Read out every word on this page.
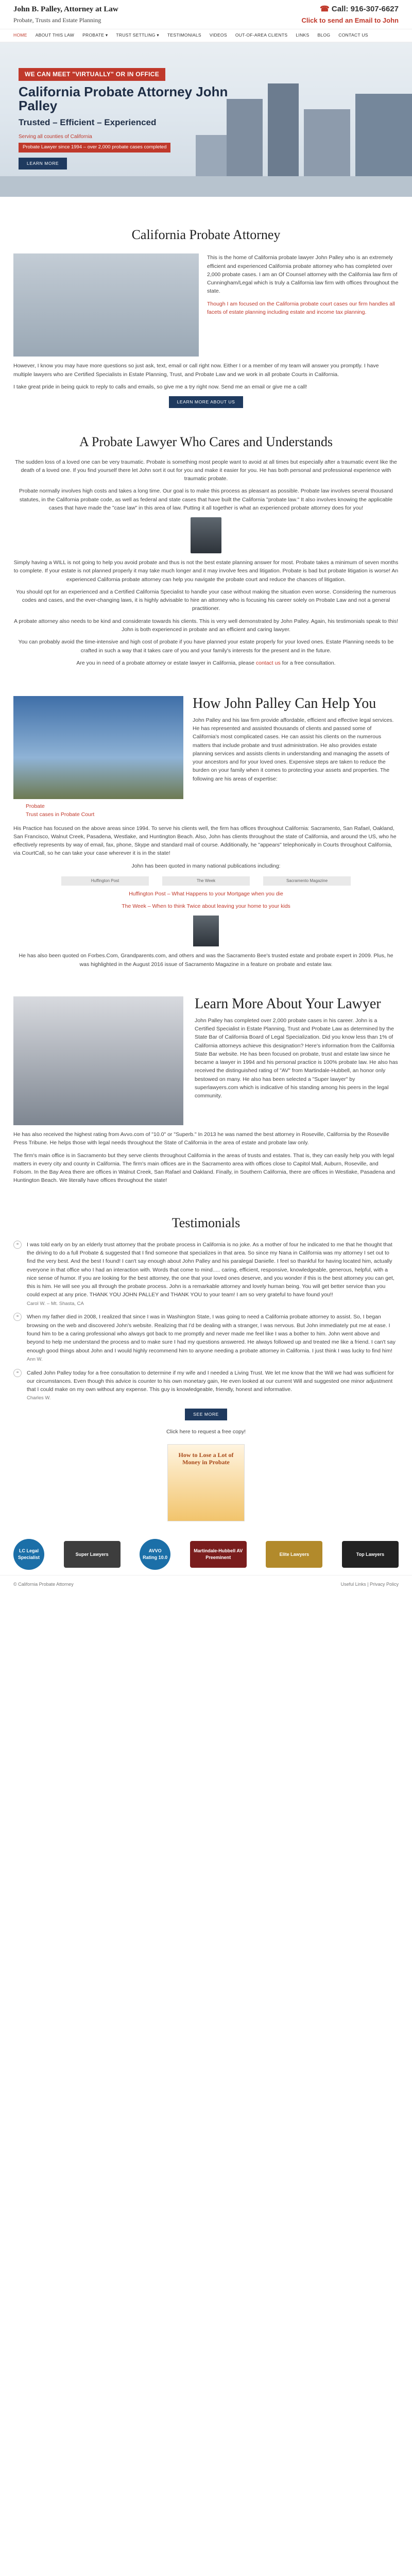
John B. Palley, Attorney at Law
Probate, Trusts and Estate Planning
☎ Call: 916-307-6627
Click to send an Email to John
HOME ABOUT THIS LAW PROBATE ▾ TRUST SETTLING ▾ TESTIMONIALS VIDEOS OUT-OF-AREA CLIENTS LINKS BLOG CONTACT US
WE CAN MEET "VIRTUALLY" OR IN OFFICE
California Probate Attorney John Palley
Trusted – Efficient – Experienced
Serving all counties of California
Probate Lawyer since 1994 – over 2,000 probate cases completed
LEARN MORE
California Probate Attorney

This is the home of California probate lawyer John Palley who is an extremely efficient and experienced California probate attorney who has completed over 2,000 probate cases. I am an Of Counsel attorney with the California law firm of Cunningham/Legal which is truly a California law firm with offices throughout the state.

Though I am focused on the California probate court cases our firm handles all facets of estate planning including estate and income tax planning.

However, I know you may have more questions so just ask, text, email or call right now. Either I or a member of my team will answer you promptly. I have multiple lawyers who are Certified Specialists in Estate Planning, Trust, and Probate Law and we work in all probate Courts in California.

I take great pride in being quick to reply to calls and emails, so give me a try right now. Send me an email or give me a call!

LEARN MORE ABOUT US
A Probate Lawyer Who Cares and Understands

The sudden loss of a loved one can be very traumatic. Probate is something most people want to avoid at all times but especially after a traumatic event like the death of a loved one. If you find yourself there let John sort it out for you and make it easier for you. He has both personal and professional experience with traumatic probate.

Probate normally involves high costs and takes a long time. Our goal is to make this process as pleasant as possible. Probate law involves several thousand statutes, in the California probate code, as well as federal and state cases that have built the California "probate law." It also involves knowing the applicable cases that have made the "case law" in this area of law. Putting it all together is what an experienced probate attorney does for you!

Simply having a WILL is not going to help you avoid probate and thus is not the best estate planning answer for most. Probate takes a minimum of seven months to complete. If your estate is not planned properly it may take much longer and it may involve fees and litigation. Probate is bad but probate litigation is worse! An experienced California probate attorney can help you navigate the probate court and reduce the chances of litigation.

You should opt for an experienced and a Certified California Specialist to handle your case without making the situation even worse. Considering the numerous codes and cases, and the ever-changing laws, it is highly advisable to hire an attorney who is focusing his career solely on Probate Law and not a general practitioner.

A probate attorney also needs to be kind and considerate towards his clients. This is very well demonstrated by John Palley. Again, his testimonials speak to this! John is both experienced in probate and an efficient and caring lawyer.

You can probably avoid the time-intensive and high cost of probate if you have planned your estate properly for your loved ones. Estate Planning needs to be crafted in such a way that it takes care of you and your family's interests for the present and in the future.

Are you in need of a probate attorney or estate lawyer in California, please contact us for a free consultation.

How John Palley Can Help You

John Palley and his law firm provide affordable, efficient and effective legal services. He has represented and assisted thousands of clients and passed some of California's most complicated cases. He can assist his clients on the numerous matters that include probate and trust administration. He also provides estate planning services and assists clients in understanding and managing the assets of your ancestors and for your loved ones. Expensive steps are taken to reduce the burden on your family when it comes to protecting your assets and properties. The following are his areas of expertise:

Probate
Trust cases in Probate Court

His Practice has focused on the above areas since 1994. To serve his clients well, the firm has offices throughout California: Sacramento, San Rafael, Oakland, San Francisco, Walnut Creek, Pasadena, Westlake, and Huntington Beach. Also, John has clients throughout the state of California, and around the US, who he effectively represents by way of email, fax, phone, Skype and standard mail of course. Additionally, he "appears" telephonically in Courts throughout California, via CourtCall, so he can take your case wherever it is in the state!

John has been quoted in many national publications including:

Huffington Post	The Week	Sacramento Magazine

Huffington Post – What Happens to your Mortgage when you die

The Week – When to think Twice about leaving your home to your kids

He has also been quoted on Forbes.Com, Grandparents.com, and others and was the Sacramento Bee's trusted estate and probate expert in 2009. Plus, he was highlighted in the August 2016 issue of Sacramento Magazine in a feature on probate and estate law.

Learn More About Your Lawyer

John Palley has completed over 2,000 probate cases in his career. John is a Certified Specialist in Estate Planning, Trust and Probate Law as determined by the State Bar of California Board of Legal Specialization. Did you know less than 1% of California attorneys achieve this designation? Here's information from the California State Bar website. He has been focused on probate, trust and estate law since he became a lawyer in 1994 and his personal practice is 100% probate law. He also has received the distinguished rating of "AV" from Martindale-Hubbell, an honor only bestowed on many. He also has been selected a "Super lawyer" by superlawyers.com which is indicative of his standing among his peers in the legal community.

He has also received the highest rating from Avvo.com of "10.0" or "Superb." In 2013 he was named the best attorney in Roseville, California by the Roseville Press Tribune. He helps those with legal needs throughout the State of California in the area of estate and probate law only.

The firm's main office is in Sacramento but they serve clients throughout California in the areas of trusts and estates. That is, they can easily help you with legal matters in every city and county in California. The firm's main offices are in the Sacramento area with offices close to Capitol Mall, Auburn, Roseville, and Folsom. In the Bay Area there are offices in Walnut Creek, San Rafael and Oakland. Finally, in Southern California, there are offices in Westlake, Pasadena and Huntington Beach. We literally have offices throughout the state!

Testimonials
❝	I was told early on by an elderly trust attorney that the probate process in California is no joke. As a mother of four he indicated to me that he thought that the driving to do a full Probate & suggested that I find someone that specializes in that area. So since my Nana in California was my attorney I set out to find the very best. And the best I found! I can't say enough about John Palley and his paralegal Danielle. I feel so thankful for having located him, actually everyone in that office who I had an interaction with. Words that come to mind..... caring, efficient, responsive, knowledgeable, generous, helpful, with a nice sense of humor. If you are looking for the best attorney, the one that your loved ones deserve, and you wonder if this is the best attorney you can get, this is him. He will see you all through the probate process. John is a remarkable attorney and lovely human being. You will get better service than you could expect at any price. THANK YOU JOHN PALLEY and THANK YOU to your team! I am so very grateful to have found you!!

Carol W. – Mt. Shasta, CA
❝	When my father died in 2008, I realized that since I was in Washington State, I was going to need a California probate attorney to assist. So, I began browsing on the web and discovered John's website. Realizing that I'd be dealing with a stranger, I was nervous. But John immediately put me at ease. I found him to be a caring professional who always got back to me promptly and never made me feel like I was a bother to him. John went above and beyond to help me understand the process and to make sure I had my questions answered. He always followed up and treated me like a friend. I can't say enough good things about John and I would highly recommend him to anyone needing a probate attorney in California. I just think I was lucky to find him!

Ann W.
❝	Called John Palley today for a free consultation to determine if my wife and I needed a Living Trust. We let me know that the Will we had was sufficient for our circumstances. Even though this advice is counter to his own monetary gain, He even looked at our current Will and suggested one minor adjustment that I could make on my own without any expense. This guy is knowledgeable, friendly, honest and informative.

Charles W.
SEE MORE

Click here to request a free copy!

How to Lose a Lot of Money in Probate
LC Legal Specialist
Super Lawyers
AVVO Rating 10.0
Martindale-Hubbell AV Preeminent
Elite Lawyers	Top Lawyers
© California Probate Attorney	Useful Links | Privacy Policy
